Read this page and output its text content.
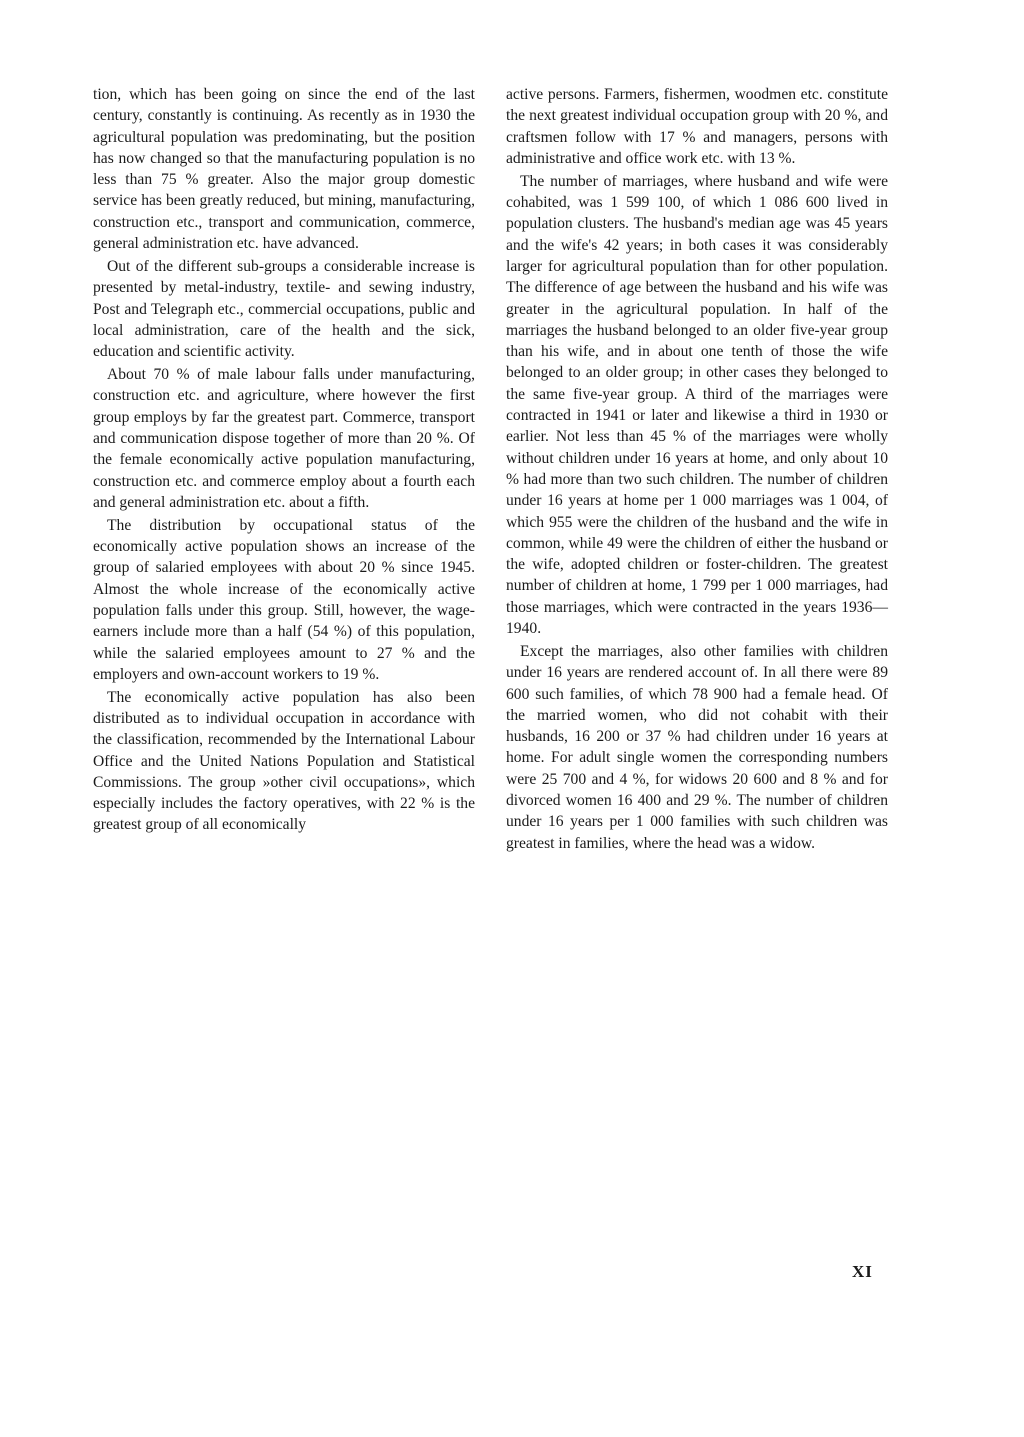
tion, which has been going on since the end of the last century, constantly is continuing. As recently as in 1930 the agricultural population was predominating, but the position has now changed so that the manufacturing population is no less than 75 % greater. Also the major group domestic service has been greatly reduced, but mining, manufacturing, construction etc., transport and communication, commerce, general administration etc. have advanced.

Out of the different sub-groups a considerable increase is presented by metal-industry, textile- and sewing industry, Post and Telegraph etc., commercial occupations, public and local administration, care of the health and the sick, education and scientific activity.

About 70 % of male labour falls under manufacturing, construction etc. and agriculture, where however the first group employs by far the greatest part. Commerce, transport and communication dispose together of more than 20 %. Of the female economically active population manufacturing, construction etc. and commerce employ about a fourth each and general administration etc. about a fifth.

The distribution by occupational status of the economically active population shows an increase of the group of salaried employees with about 20 % since 1945. Almost the whole increase of the economically active population falls under this group. Still, however, the wage-earners include more than a half (54 %) of this population, while the salaried employees amount to 27 % and the employers and own-account workers to 19 %.

The economically active population has also been distributed as to individual occupation in accordance with the classification, recommended by the International Labour Office and the United Nations Population and Statistical Commissions. The group »other civil occupations», which especially includes the factory operatives, with 22 % is the greatest group of all economically

active persons. Farmers, fishermen, woodmen etc. constitute the next greatest individual occupation group with 20 %, and craftsmen follow with 17 % and managers, persons with administrative and office work etc. with 13 %.

The number of marriages, where husband and wife were cohabited, was 1 599 100, of which 1 086 600 lived in population clusters. The husband's median age was 45 years and the wife's 42 years; in both cases it was considerably larger for agricultural population than for other population. The difference of age between the husband and his wife was greater in the agricultural population. In half of the marriages the husband belonged to an older five-year group than his wife, and in about one tenth of those the wife belonged to an older group; in other cases they belonged to the same five-year group. A third of the marriages were contracted in 1941 or later and likewise a third in 1930 or earlier. Not less than 45 % of the marriages were wholly without children under 16 years at home, and only about 10 % had more than two such children. The number of children under 16 years at home per 1 000 marriages was 1 004, of which 955 were the children of the husband and the wife in common, while 49 were the children of either the husband or the wife, adopted children or foster-children. The greatest number of children at home, 1 799 per 1 000 marriages, had those marriages, which were contracted in the years 1936—1940.

Except the marriages, also other families with children under 16 years are rendered account of. In all there were 89 600 such families, of which 78 900 had a female head. Of the married women, who did not cohabit with their husbands, 16 200 or 37 % had children under 16 years at home. For adult single women the corresponding numbers were 25 700 and 4 %, for widows 20 600 and 8 % and for divorced women 16 400 and 29 %. The number of children under 16 years per 1 000 families with such children was greatest in families, where the head was a widow.

XI
